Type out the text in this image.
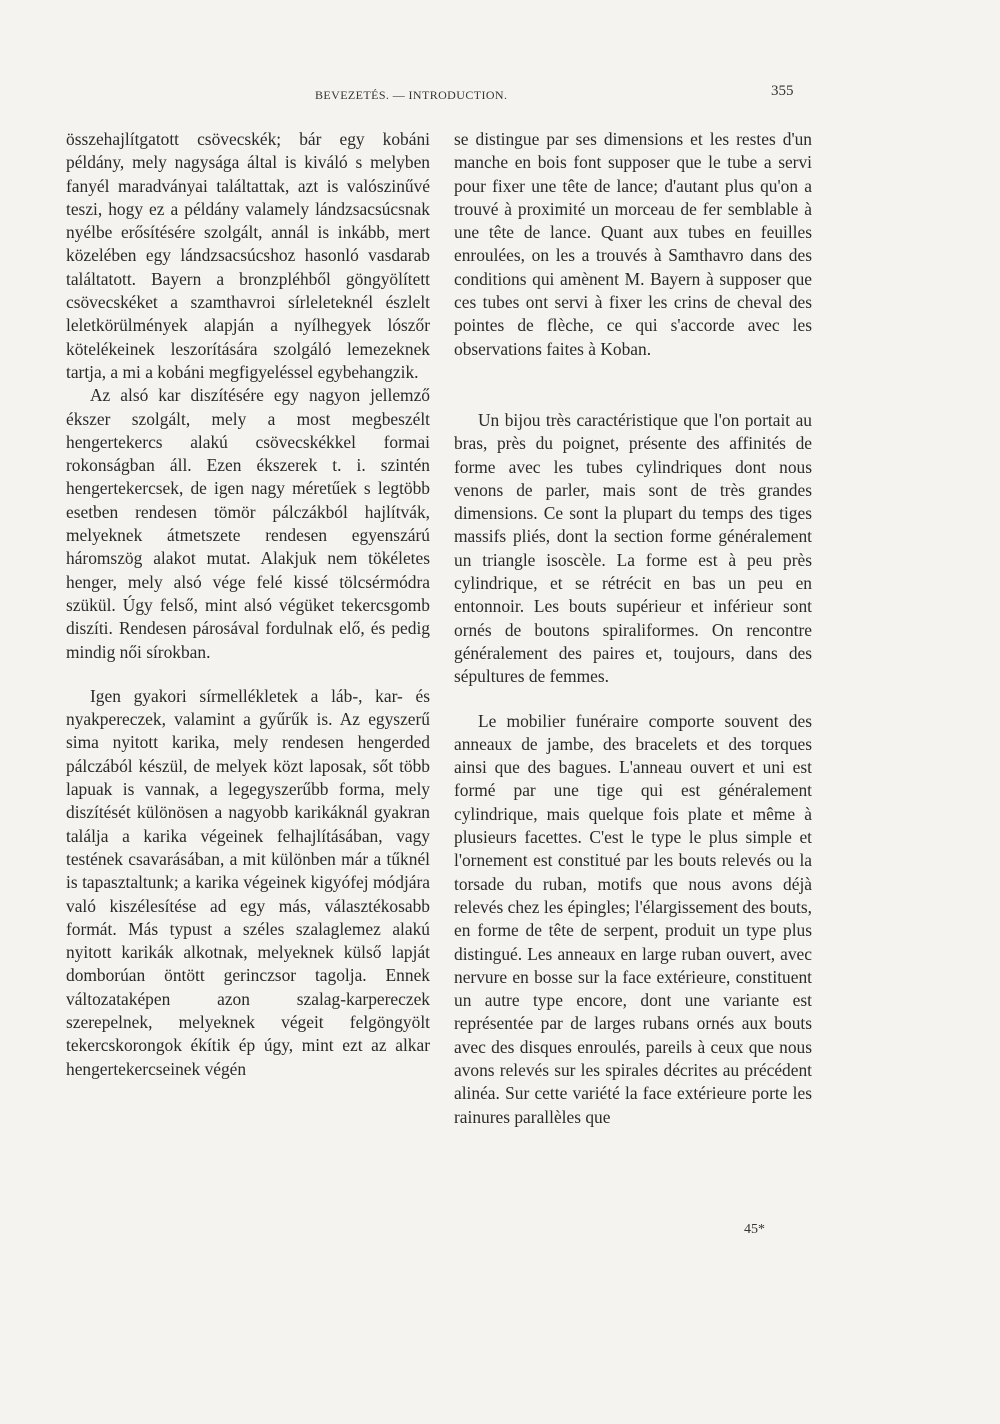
BEVEZETÉS. — INTRODUCTION.	355

összehajlítgatott csövecskék; bár egy kobáni példány, mely nagysága által is kiváló s melyben fanyél maradványai találtattak, azt is valószinűvé teszi, hogy ez a példány valamely lándzsacsúcsnak nyélbe erősítésére szolgált, annál is inkább, mert közelében egy lándzsacsúcshoz hasonló vasdarab találtatott. Bayern a bronzpléhből göngyölített csövecskéket a szamthavroi sírleleteknél észlelt leletkörülmények alapján a nyílhegyek lószőr kötelékeinek leszorítására szolgáló lemezeknek tartja, a mi a kobáni megfigyeléssel egybehangzik.

Az alsó kar diszítésére egy nagyon jellemző ékszer szolgált, mely a most megbeszélt hengertekercs alakú csövecskékkel formai rokonságban áll. Ezen ékszerek t. i. szintén hengertekercsek, de igen nagy méretűek s legtöbb esetben rendesen tömör pálczákból hajlítvák, melyeknek átmetszete rendesen egyenszárú háromszög alakot mutat. Alakjuk nem tökéletes henger, mely alsó vége felé kissé tölcsérmódra szükül. Úgy felső, mint alsó végüket tekercsgomb diszíti. Rendesen párosával fordulnak elő, és pedig mindig női sírokban.

Igen gyakori sírmellékletek a láb-, kar- és nyakpereczek, valamint a gyűrűk is. Az egyszerű sima nyitott karika, mely rendesen hengerded pálczából készül, de melyek közt laposak, sőt több lapuak is vannak, a legegyszerűbb forma, mely diszítését különösen a nagyobb karikáknál gyakran találja a karika végeinek felhajlításában, vagy testének csavarásában, a mit különben már a tűknél is tapasztaltunk; a karika végeinek kigyófej módjára való kiszélesítése ad egy más, választékosabb formát. Más typust a széles szalaglemez alakú nyitott karikák alkotnak, melyeknek külső lapját domborúan öntött gerinczsor tagolja. Ennek változataképen azon szalag-karpereczek szerepelnek, melyeknek végeit felgöngyölt tekercskorongok ékítik ép úgy, mint ezt az alkar hengertekercseinek végén

se distingue par ses dimensions et les restes d'un manche en bois font supposer que le tube a servi pour fixer une tête de lance; d'autant plus qu'on a trouvé à proximité un morceau de fer semblable à une tête de lance. Quant aux tubes en feuilles enroulées, on les a trouvés à Samthavro dans des conditions qui amènent M. Bayern à supposer que ces tubes ont servi à fixer les crins de cheval des pointes de flèche, ce qui s'accorde avec les observations faites à Koban.

Un bijou très caractéristique que l'on portait au bras, près du poignet, présente des affinités de forme avec les tubes cylindriques dont nous venons de parler, mais sont de très grandes dimensions. Ce sont la plupart du temps des tiges massifs pliés, dont la section forme généralement un triangle isoscèle. La forme est à peu près cylindrique, et se rétrécit en bas un peu en entonnoir. Les bouts supérieur et inférieur sont ornés de boutons spiraliformes. On rencontre généralement des paires et, toujours, dans des sépultures de femmes.

Le mobilier funéraire comporte souvent des anneaux de jambe, des bracelets et des torques ainsi que des bagues. L'anneau ouvert et uni est formé par une tige qui est généralement cylindrique, mais quelque fois plate et même à plusieurs facettes. C'est le type le plus simple et l'ornement est constitué par les bouts relevés ou la torsade du ruban, motifs que nous avons déjà relevés chez les épingles; l'élargissement des bouts, en forme de tête de serpent, produit un type plus distingué. Les anneaux en large ruban ouvert, avec nervure en bosse sur la face extérieure, constituent un autre type encore, dont une variante est représentée par de larges rubans ornés aux bouts avec des disques enroulés, pareils à ceux que nous avons relevés sur les spirales décrites au précédent alinéa. Sur cette variété la face extérieure porte les rainures parallèles que

45*
